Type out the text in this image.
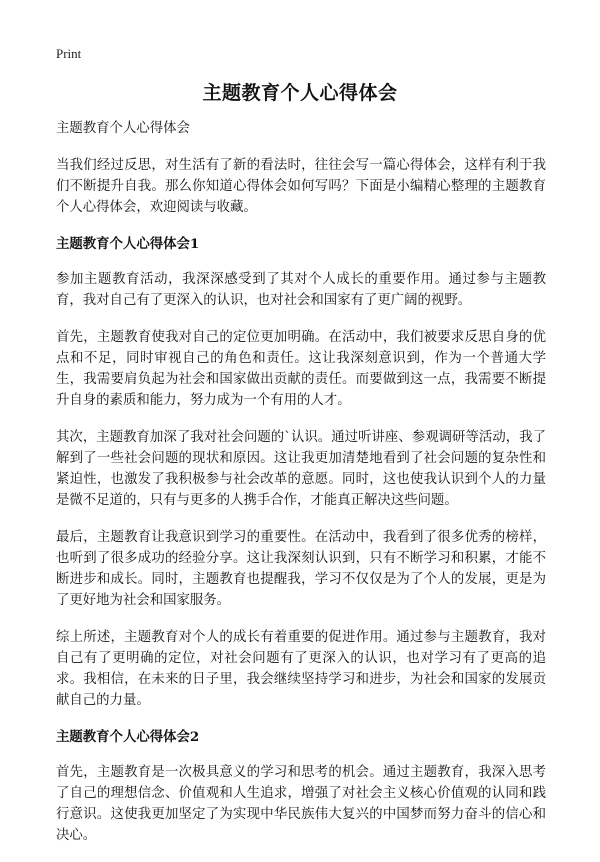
Print
主题教育个人心得体会

主题教育个人心得体会

当我们经过反思，对生活有了新的看法时，往往会写一篇心得体会，这样有利于我们不断提升自我。那么你知道心得体会如何写吗？下面是小编精心整理的主题教育个人心得体会，欢迎阅读与收藏。

主题教育个人心得体会1

参加主题教育活动，我深深感受到了其对个人成长的重要作用。通过参与主题教育，我对自己有了更深入的认识，也对社会和国家有了更广阔的视野。

首先，主题教育使我对自己的定位更加明确。在活动中，我们被要求反思自身的优点和不足，同时审视自己的角色和责任。这让我深刻意识到，作为一个普通大学生，我需要肩负起为社会和国家做出贡献的责任。而要做到这一点，我需要不断提升自身的素质和能力，努力成为一个有用的人才。

其次，主题教育加深了我对社会问题的`认识。通过听讲座、参观调研等活动，我了解到了一些社会问题的现状和原因。这让我更加清楚地看到了社会问题的复杂性和紧迫性，也激发了我积极参与社会改革的意愿。同时，这也使我认识到个人的力量是微不足道的，只有与更多的人携手合作，才能真正解决这些问题。

最后，主题教育让我意识到学习的重要性。在活动中，我看到了很多优秀的榜样，也听到了很多成功的经验分享。这让我深刻认识到，只有不断学习和积累，才能不断进步和成长。同时，主题教育也提醒我，学习不仅仅是为了个人的发展，更是为了更好地为社会和国家服务。

综上所述，主题教育对个人的成长有着重要的促进作用。通过参与主题教育，我对自己有了更明确的定位，对社会问题有了更深入的认识，也对学习有了更高的追求。我相信，在未来的日子里，我会继续坚持学习和进步，为社会和国家的发展贡献自己的力量。

主题教育个人心得体会2

首先，主题教育是一次极具意义的学习和思考的机会。通过主题教育，我深入思考了自己的理想信念、价值观和人生追求，增强了对社会主义核心价值观的认同和践行意识。这使我更加坚定了为实现中华民族伟大复兴的中国梦而努力奋斗的信心和决心。
